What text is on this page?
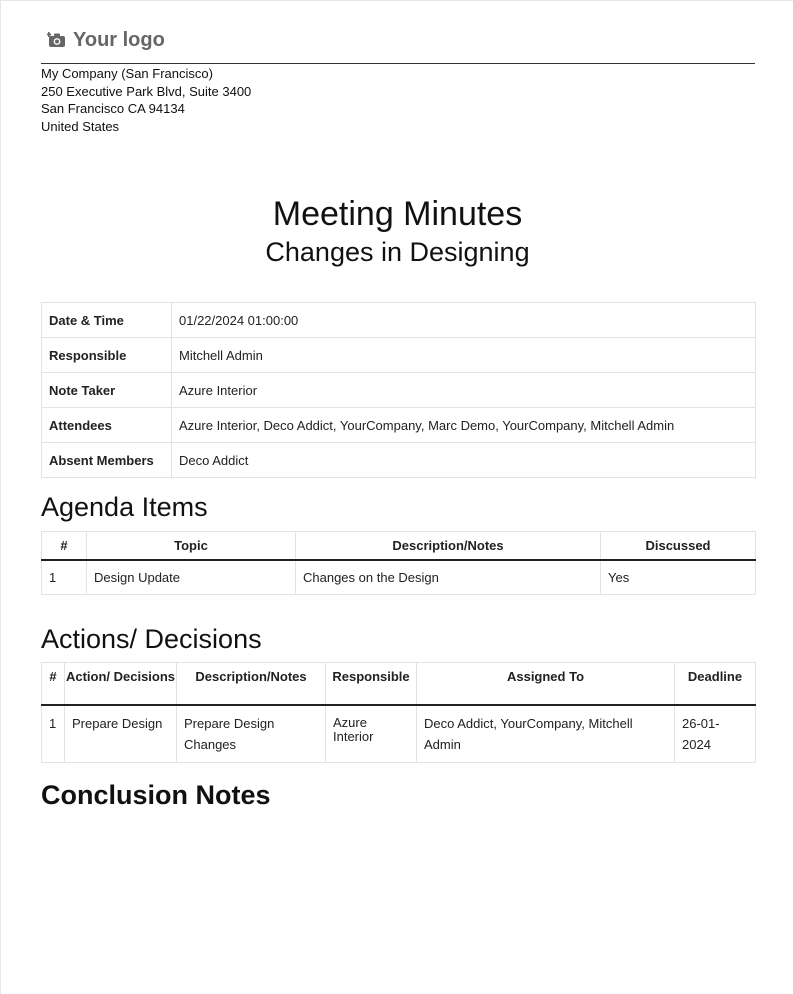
Your logo
My Company (San Francisco)
250 Executive Park Blvd, Suite 3400
San Francisco CA 94134
United States
Meeting Minutes
Changes in Designing
Date & Time	01/22/2024 01:00:00
Responsible	Mitchell Admin
Note Taker	Azure Interior
Attendees	Azure Interior, Deco Addict, YourCompany, Marc Demo, YourCompany, Mitchell Admin
Absent Members	Deco Addict
Agenda Items
#	Topic	Description/Notes	Discussed
1	Design Update	Changes on the Design	Yes
Actions/ Decisions
#	Action/ Decisions	Description/Notes	Responsible	Assigned To	Deadline
1	Prepare Design	Prepare Design Changes	Azure Interior	Deco Addict, YourCompany, Mitchell Admin	26-01-2024
Conclusion Notes
